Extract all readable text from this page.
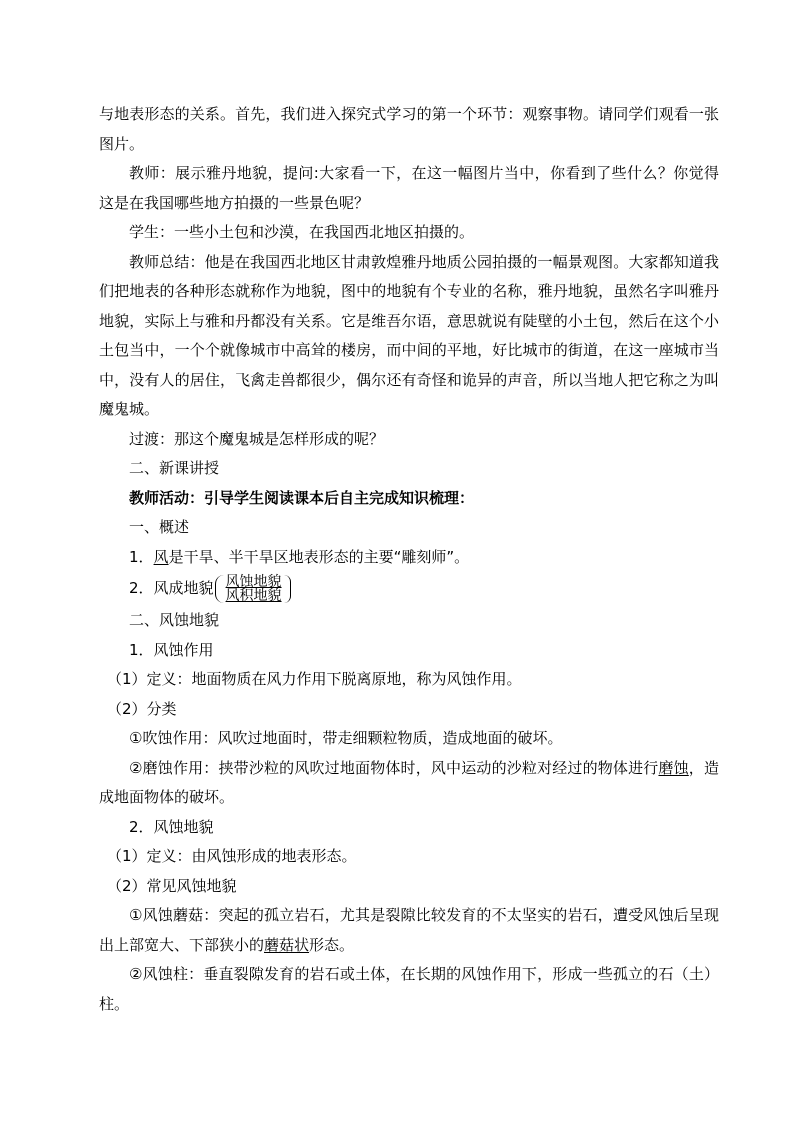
与地表形态的关系。首先，我们进入探究式学习的第一个环节：观察事物。请同学们观看一张图片。

教师：展示雅丹地貌，提问:大家看一下，在这一幅图片当中，你看到了些什么？你觉得这是在我国哪些地方拍摄的一些景色呢？

学生：一些小土包和沙漠，在我国西北地区拍摄的。

教师总结：他是在我国西北地区甘肃敦煌雅丹地质公园拍摄的一幅景观图。大家都知道我们把地表的各种形态就称作为地貌，图中的地貌有个专业的名称，雅丹地貌，虽然名字叫雅丹地貌，实际上与雅和丹都没有关系。它是维吾尔语，意思就说有陡壁的小土包，然后在这个小土包当中，一个个就像城市中高耸的楼房，而中间的平地，好比城市的街道，在这一座城市当中，没有人的居住，飞禽走兽都很少，偶尔还有奇怪和诡异的声音，所以当地人把它称之为叫魔鬼城。

过渡：那这个魔鬼城是怎样形成的呢？

二、新课讲授

教师活动：引导学生阅读课本后自主完成知识梳理：

一、概述

1．风是干旱、半干旱区地表形态的主要“雕刻师”。

2．风成地貌 风蚀地貌
风积地貌

二、风蚀地貌

1．风蚀作用

（1）定义：地面物质在风力作用下脱离原地，称为风蚀作用。

（2）分类

①吹蚀作用：风吹过地面时，带走细颗粒物质，造成地面的破坏。

②磨蚀作用：挟带沙粒的风吹过地面物体时，风中运动的沙粒对经过的物体进行磨蚀，造成地面物体的破坏。

2．风蚀地貌

（1）定义：由风蚀形成的地表形态。

（2）常见风蚀地貌

①风蚀蘑菇：突起的孤立岩石，尤其是裂隙比较发育的不太坚实的岩石，遭受风蚀后呈现出上部宽大、下部狭小的蘑菇状形态。

②风蚀柱：垂直裂隙发育的岩石或土体，在长期的风蚀作用下，形成一些孤立的石（土）柱。
